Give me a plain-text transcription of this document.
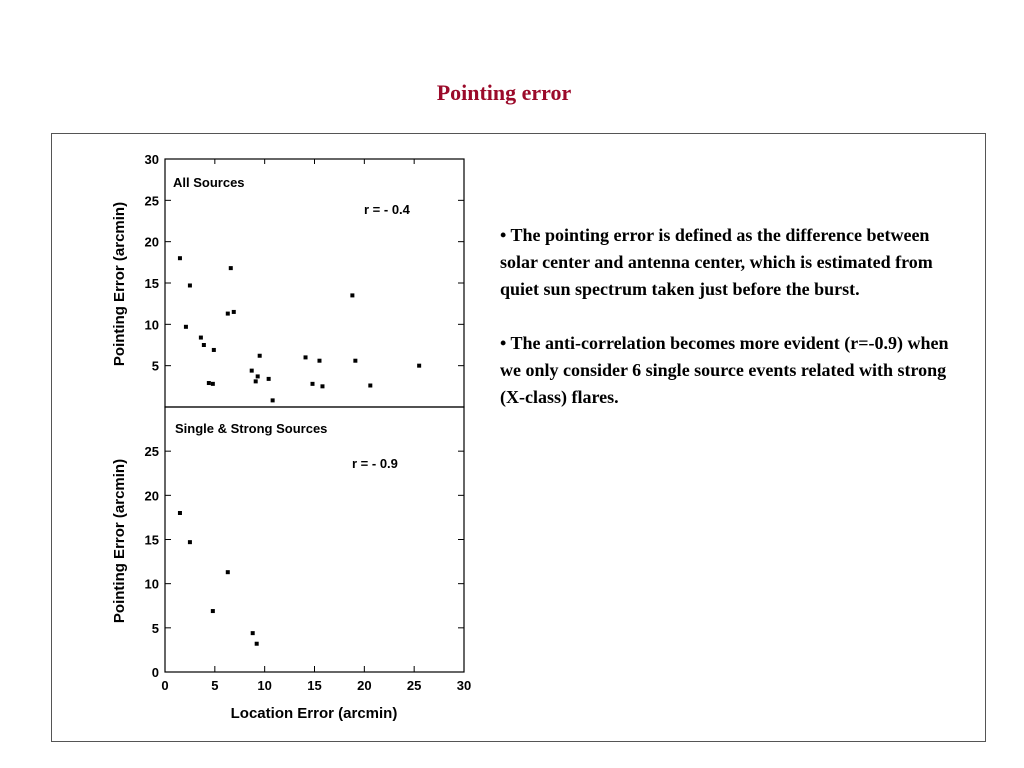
Pointing error
5
10
15
20
25
30
All Sources
r = - 0.4
Pointing Error (arcmin)
0
5
10
15
20
25
0	5	10	15	20	25	30
Single & Strong Sources
r = - 0.9
Pointing Error (arcmin)
Location Error (arcmin)

• The pointing error is defined as the difference between solar center and antenna center, which is estimated from quiet sun spectrum taken just before the burst.

• The anti-correlation becomes more evident (r=-0.9) when we only consider 6 single source events related with strong (X-class) flares.
